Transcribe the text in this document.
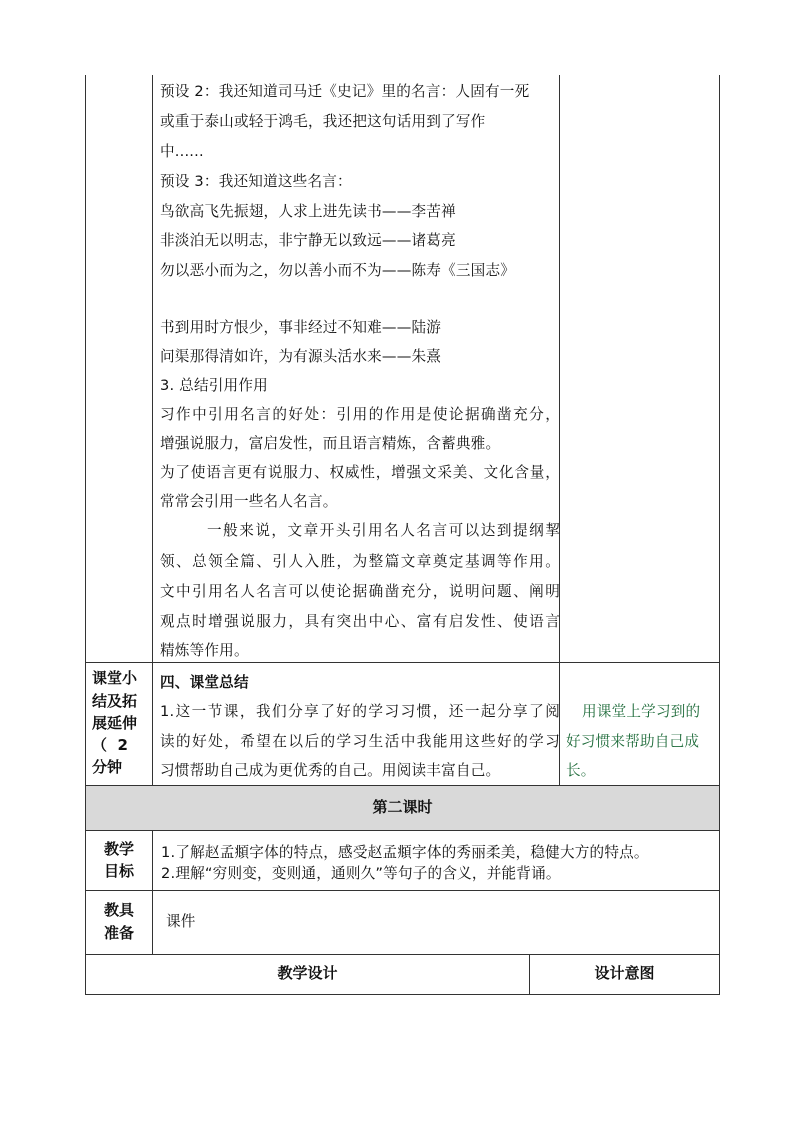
预设 2：我还知道司马迁《史记》里的名言：人固有一死
或重于泰山或轻于鸿毛，我还把这句话用到了写作
中......
预设 3：我还知道这些名言：
鸟欲高飞先振翅，人求上进先读书——李苦禅
非淡泊无以明志，非宁静无以致远——诸葛亮
勿以恶小而为之，勿以善小而不为——陈寿《三国志》
书到用时方恨少，事非经过不知难——陆游
问渠那得清如许，为有源头活水来——朱熹
3. 总结引用作用
习作中引用名言的好处：引用的作用是使论据确凿充分，
增强说服力，富启发性，而且语言精炼，含蓄典雅。
为了使语言更有说服力、权威性，增强文采美、文化含量，
常常会引用一些名人名言。
一般来说，文章开头引用名人名言可以达到提纲挈
领、总领全篇、引人入胜，为整篇文章奠定基调等作用。
文中引用名人名言可以使论据确凿充分，说明问题、阐明
观点时增强说服力，具有突出中心、富有启发性、使语言
精炼等作用。
课堂小
结及拓
展延伸
（  2
分钟
四、课堂总结
1.这一节课，我们分享了好的学习习惯，还一起分享了阅
读的好处，希望在以后的学习生活中我能用这些好的学习
习惯帮助自己成为更优秀的自己。用阅读丰富自己。
用课堂上学习到的
好习惯来帮助自己成
长。
第二课时
教学
目标
1.了解赵孟頫字体的特点，感受赵孟頫字体的秀丽柔美，稳健大方的特点。
2.理解“穷则变，变则通，通则久”等句子的含义，并能背诵。
教具
准备
课件
教学设计	设计意图
